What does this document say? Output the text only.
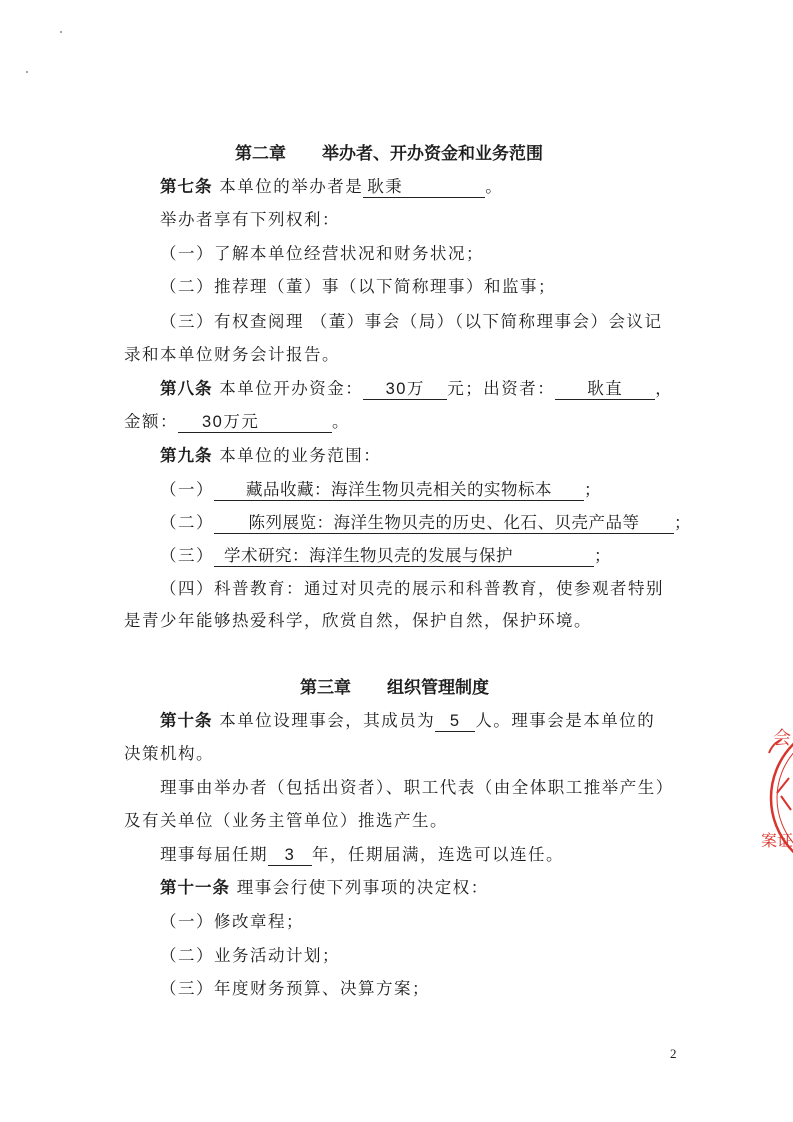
第二章 举办者、开办资金和业务范围
第七条 本单位的举办者是 耿秉	。
举办者享有下列权利：
（一）了解本单位经营状况和财务状况；
（二）推荐理（董）事（以下简称理事）和监事；
（三）有权查阅理 （董）事会（局）（以下简称理事会）会议记
录和本单位财务会计报告。
第八条 本单位开办资金： 30万 元；出资者： 耿直 ，
金额： 30万元	。
第九条 本单位的业务范围：
（一） 藏品收藏：海洋生物贝壳相关的实物标本 ；
（二） 陈列展览：海洋生物贝壳的历史、化石、贝壳产品等 ；
（三） 学术研究：海洋生物贝壳的发展与保护	；
（四）科普教育：通过对贝壳的展示和科普教育，使参观者特别
是青少年能够热爱科学，欣赏自然，保护自然，保护环境。
第三章 组织管理制度
第十条 本单位设理事会，其成员为 5 人。理事会是本单位的
决策机构。
理事由举办者（包括出资者）、职工代表（由全体职工推举产生）
及有关单位（业务主管单位）推选产生。
理事每届任期 3 年，任期届满，连选可以连任。
第十一条 理事会行使下列事项的决定权：
（一）修改章程；
（二）业务活动计划；
（三）年度财务预算、决算方案；
2
会
案证
